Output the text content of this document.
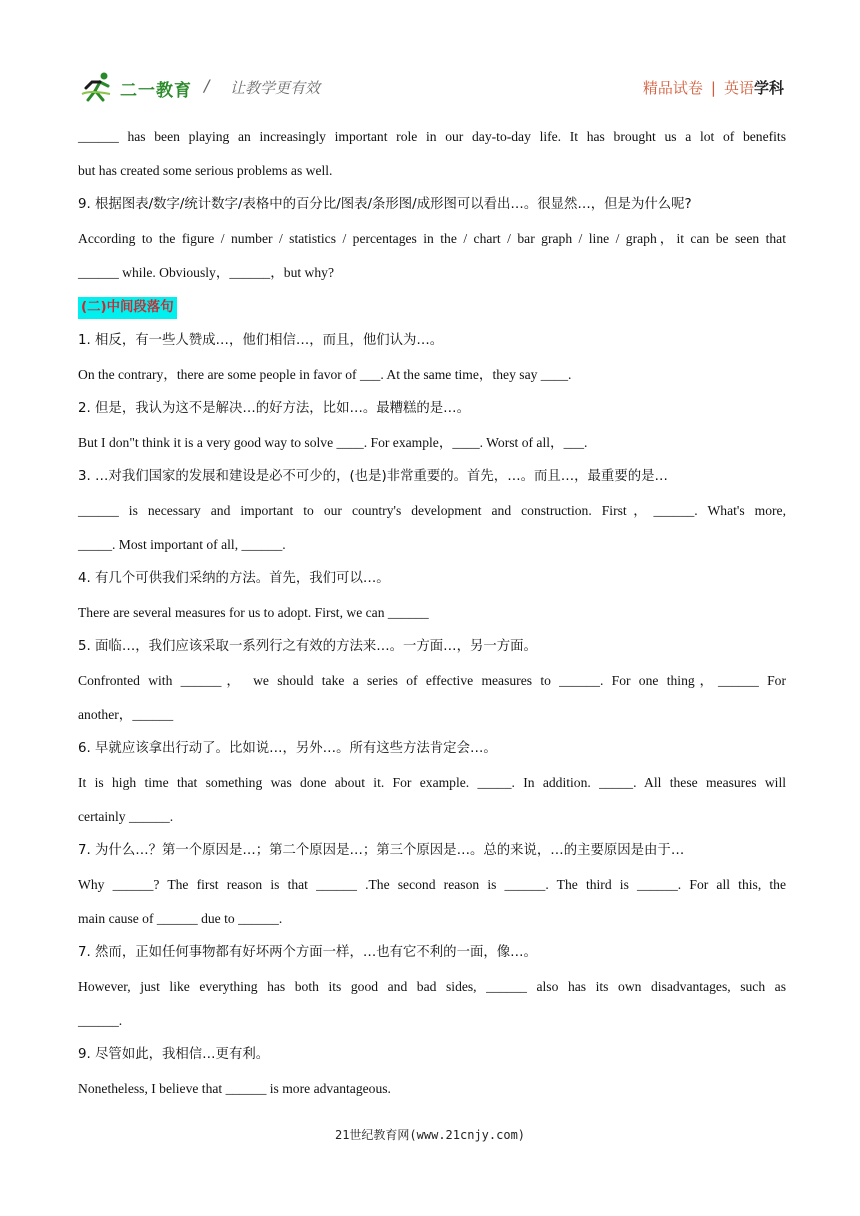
二一教育 / 让教学更有效	精品试卷 | 英语学科
______ has been playing an increasingly important role in our day-to-day life. It has brought us a lot of benefits
but has created some serious problems as well.
9. 根据图表/数字/统计数字/表格中的百分比/图表/条形图/成形图可以看出…。很显然…，但是为什么呢?
According to the figure / number / statistics / percentages in the / chart / bar graph / line / graph，it can be seen that
______ while. Obviously，______，but why?
(二)中间段落句
1. 相反，有一些人赞成…，他们相信…，而且，他们认为…。
On the contrary，there are some people in favor of ___. At the same time，they say ____.
2. 但是，我认为这不是解决…的好方法，比如…。最糟糕的是…。
But I don"t think it is a very good way to solve ____. For example，____. Worst of all，___.
3. …对我们国家的发展和建设是必不可少的，(也是)非常重要的。首先，…。而且…，最重要的是…
______ is necessary and important to our country's development and construction. First，______. What's more,
_____. Most important of all, ______.
4. 有几个可供我们采纳的方法。首先，我们可以…。
There are several measures for us to adopt. First, we can ______
5. 面临…，我们应该采取一系列行之有效的方法来…。一方面…，另一方面。
Confronted with ______， we should take a series of effective measures to ______. For one thing，______ For
another，______
6. 早就应该拿出行动了。比如说…，另外…。所有这些方法肯定会…。
It is high time that something was done about it. For example. _____. In addition. _____. All these measures will
certainly ______.
7. 为什么…？第一个原因是…；第二个原因是…；第三个原因是…。总的来说，…的主要原因是由于…
Why ______? The first reason is that ______ .The second reason is ______. The third is ______. For all this, the
main cause of ______ due to ______.
7. 然而，正如任何事物都有好坏两个方面一样，…也有它不利的一面，像…。
However, just like everything has both its good and bad sides, ______ also has its own disadvantages, such as
______.
9. 尽管如此，我相信…更有利。
Nonetheless, I believe that ______ is more advantageous.
21世纪教育网(www.21cnjy.com)
